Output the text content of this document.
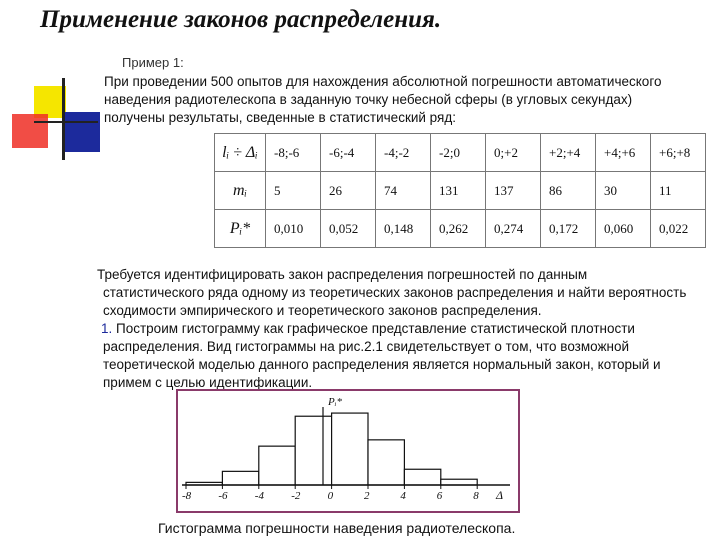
Применение законов распределения.
Пример 1:
При проведении 500 опытов для нахождения абсолютной погрешности автоматического
наведения радиотелескопа в заданную точку небесной сферы (в угловых секундах)
получены результаты, сведенные в статистический ряд:
lᵢ ÷ Δᵢ	-8;-6	-6;-4	-4;-2	-2;0	0;+2	+2;+4	+4;+6	+6;+8
mᵢ	5	26	74	131	137	86	30	11
Pᵢ*	0,010	0,052	0,148	0,262	0,274	0,172	0,060	0,022
Требуется идентифицировать закон распределения погрешностей по данным
статистического ряда одному из теоретических законов распределения и найти вероятность
сходимости эмпирического и теоретического законов распределения.
1. Построим гистограмму как графическое представление статистической плотности
распределения. Вид гистограммы на рис.2.1 свидетельствует о том, что возможной
теоретической моделью данного распределения является нормальный закон, который и
примем с целью идентификации.
-8 -6 -4 -2 0	2	4	6	8 Δ
Pᵢ*
Гистограмма погрешности наведения радиотелескопа.
